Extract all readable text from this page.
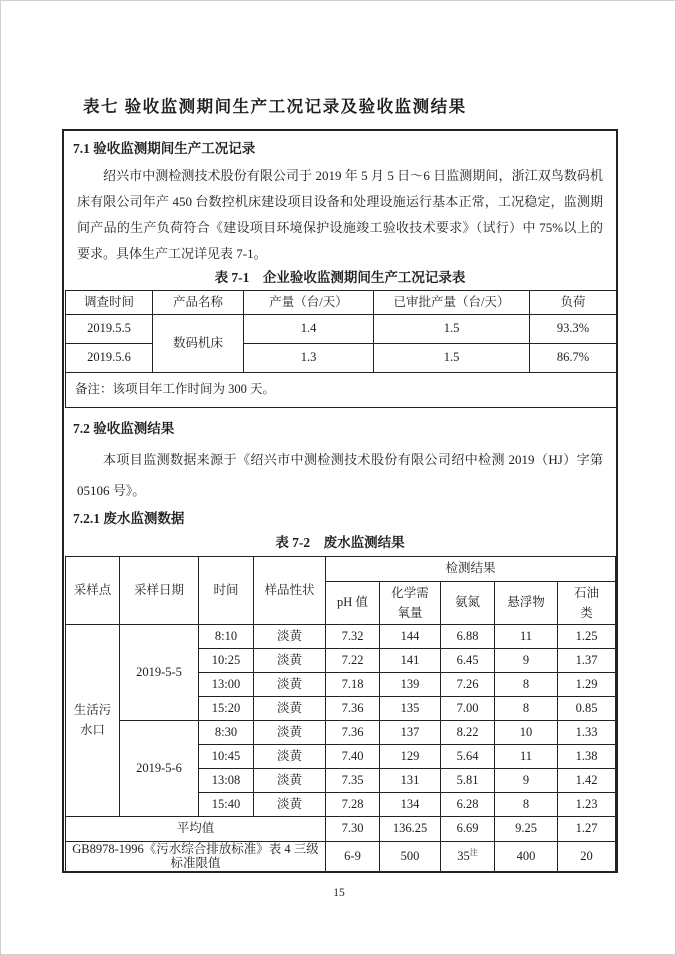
表七 验收监测期间生产工况记录及验收监测结果
7.1 验收监测期间生产工况记录
绍兴市中测检测技术股份有限公司于 2019 年 5 月 5 日～6 日监测期间，浙江双鸟数码机床有限公司年产 450 台数控机床建设项目设备和处理设施运行基本正常，工况稳定，监测期间产品的生产负荷符合《建设项目环境保护设施竣工验收技术要求》（试行）中 75%以上的要求。具体生产工况详见表 7-1。
表 7-1　企业验收监测期间生产工况记录表
调查时间	产品名称	产量（台/天）	已审批产量（台/天）	负荷
2019.5.5	数码机床	1.4	1.5	93.3%
2019.5.6		1.3	1.5	86.7%
备注：该项目年工作时间为 300 天。				
7.2 验收监测结果
本项目监测数据来源于《绍兴市中测检测技术股份有限公司绍中检测 2019（HJ）字第 05106 号》。
7.2.1 废水监测数据
表 7-2　废水监测结果
采样点	采样日期	时间	样品性状	检测结果				
				pH 值	化学需氧量	氨氮	悬浮物	石油类
生活污水口	2019-5-5	8:10	淡黄	7.32	144	6.88	11	1.25
		10:25	淡黄	7.22	141	6.45	9	1.37
		13:00	淡黄	7.18	139	7.26	8	1.29
		15:20	淡黄	7.36	135	7.00	8	0.85
	2019-5-6	8:30	淡黄	7.36	137	8.22	10	1.33
		10:45	淡黄	7.40	129	5.64	11	1.38
		13:08	淡黄	7.35	131	5.81	9	1.42
		15:40	淡黄	7.28	134	6.28	8	1.23
平均值				7.30	136.25	6.69	9.25	1.27
GB8978-1996《污水综合排放标准》表 4 三级标准限值				6-9	500	$35^注$	400	20
15
